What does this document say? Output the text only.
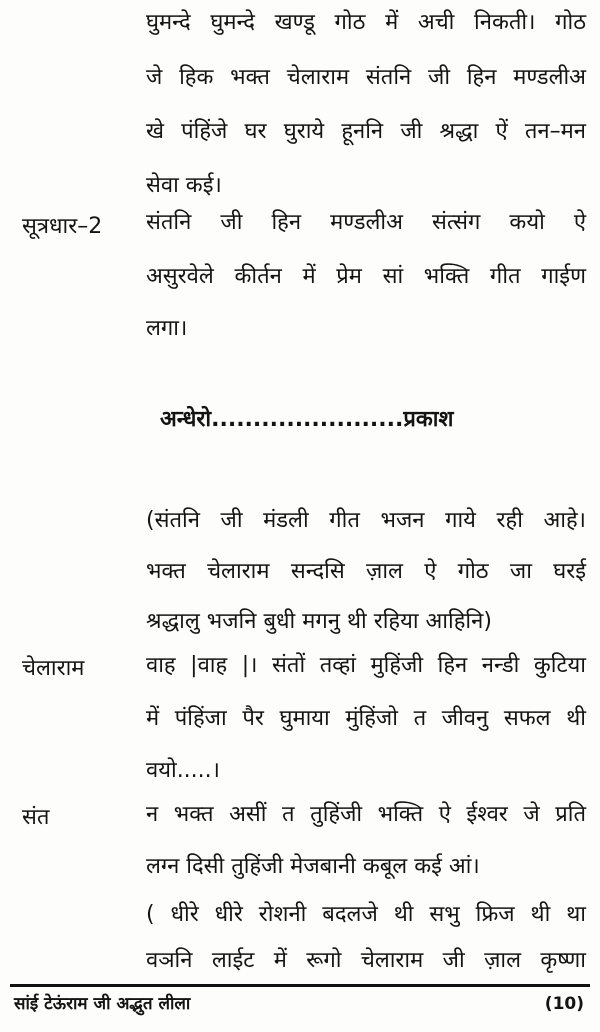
घुमन्दे घुमन्दे खण्डू गोठ में अची निकती। गोठ
जे हिक भक्त चेलाराम संतनि जी हिन मण्डलीअ
खे पंहिंजे घर घुराये हूननि जी श्रद्धा ऐं तन–मन
सेवा कई।
सूत्रधार–2 संतनि जी हिन मण्डलीअ संत्संग कयो ऐ
असुरवेले कीर्तन में प्रेम सां भक्ति गीत गाईण
लगा।
अन्धेरो.......................प्रकाश
(संतनि जी मंडली गीत भजन गाये रही आहे।
भक्त चेलाराम सन्दसि ज़ाल ऐ गोठ जा घरई
श्रद्धालु भजनि बुधी मगनु थी रहिया आहिनि)
चेलाराम	वाह |वाह |। संतों तव्हां मुहिंजी हिन नन्डी कुटिया
में पंहिंजा पैर घुमाया मुंहिंजो त जीवनु सफल थी
वयो.....।
संत	न भक्त असीं त तुहिंजी भक्ति ऐ ईश्वर जे प्रति
लग्न दिसी तुहिंजी मेजबानी कबूल कई आं।
( धीरे धीरे रोशनी बदलजे थी सभु फ्रिज थी था
वञनि लाईट में रूगो चेलाराम जी ज़ाल कृष्णा
सांई टेऊंराम जी अद्भुत लीला	(10)
